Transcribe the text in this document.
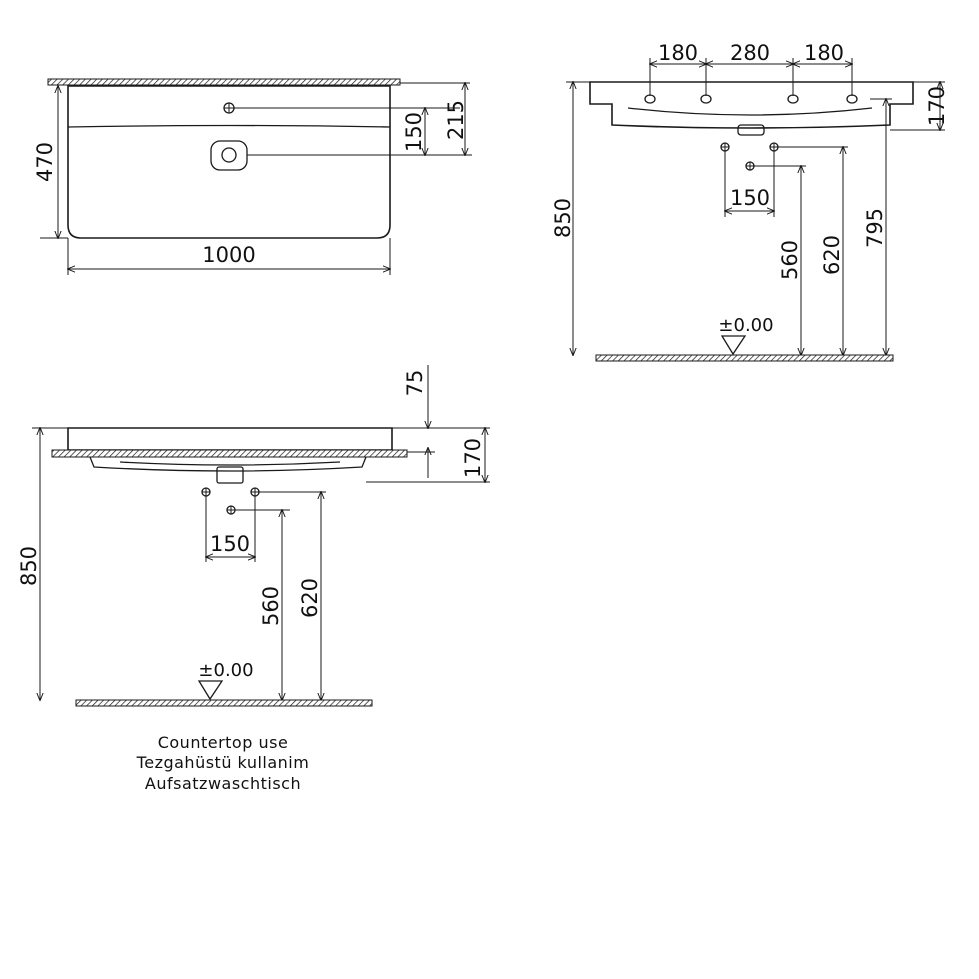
470
1000
150 215
180 280 180
170
150
850
560 620
795
±0.00
75
170
150
850
560 620
±0.00
Countertop use
Tezgahüstü kullanim
Aufsatzwaschtisch
